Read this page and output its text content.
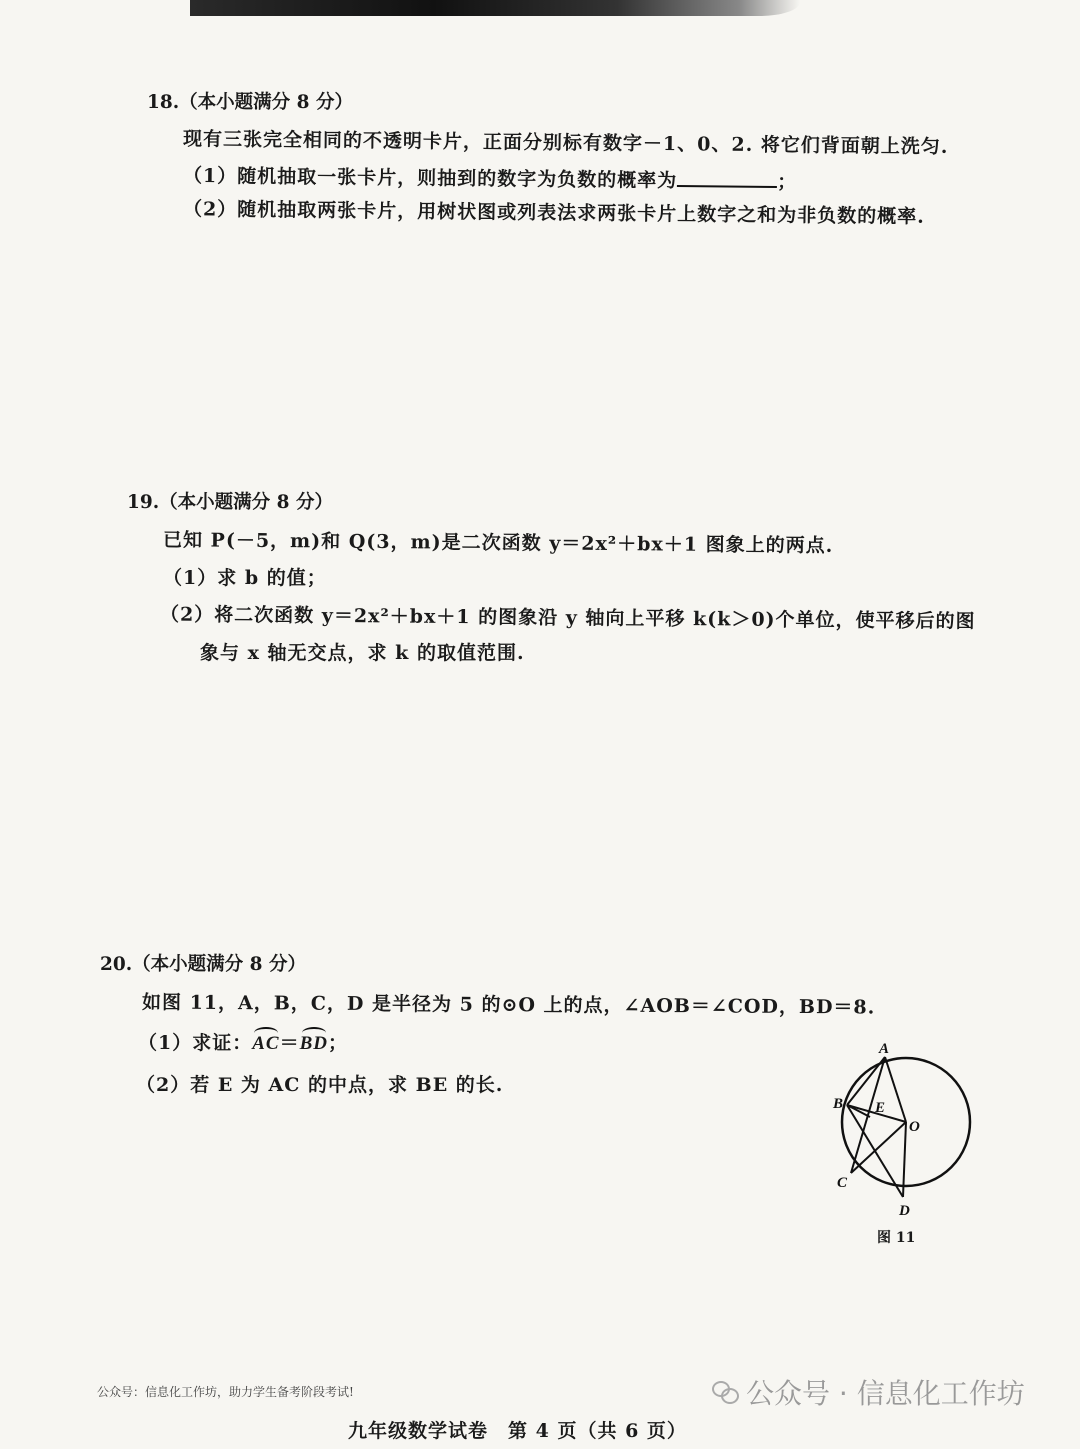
18.（本小题满分 8 分）
现有三张完全相同的不透明卡片，正面分别标有数字－1、0、2. 将它们背面朝上洗匀.
（1）随机抽取一张卡片，则抽到的数字为负数的概率为	；
（2）随机抽取两张卡片，用树状图或列表法求两张卡片上数字之和为非负数的概率.
19.（本小题满分 8 分）
已知 P(－5，m)和 Q(3，m)是二次函数 y＝2x²＋bx＋1 图象上的两点.
（1）求 b 的值；
（2）将二次函数 y＝2x²＋bx＋1 的图象沿 y 轴向上平移 k(k＞0)个单位，使平移后的图
象与 x 轴无交点，求 k 的取值范围.
20.（本小题满分 8 分）
如图 11，A，B，C，D 是半径为 5 的⊙O 上的点，∠AOB＝∠COD，BD＝8.
（1）求证：AC＝BD；
（2）若 E 为 AC 的中点，求 BE 的长.
A
B
C
D
E
O
图 11
公众号：信息化工作坊，助力学生备考阶段考试!	公众号 · 信息化工作坊
九年级数学试卷　第 4 页（共 6 页）
